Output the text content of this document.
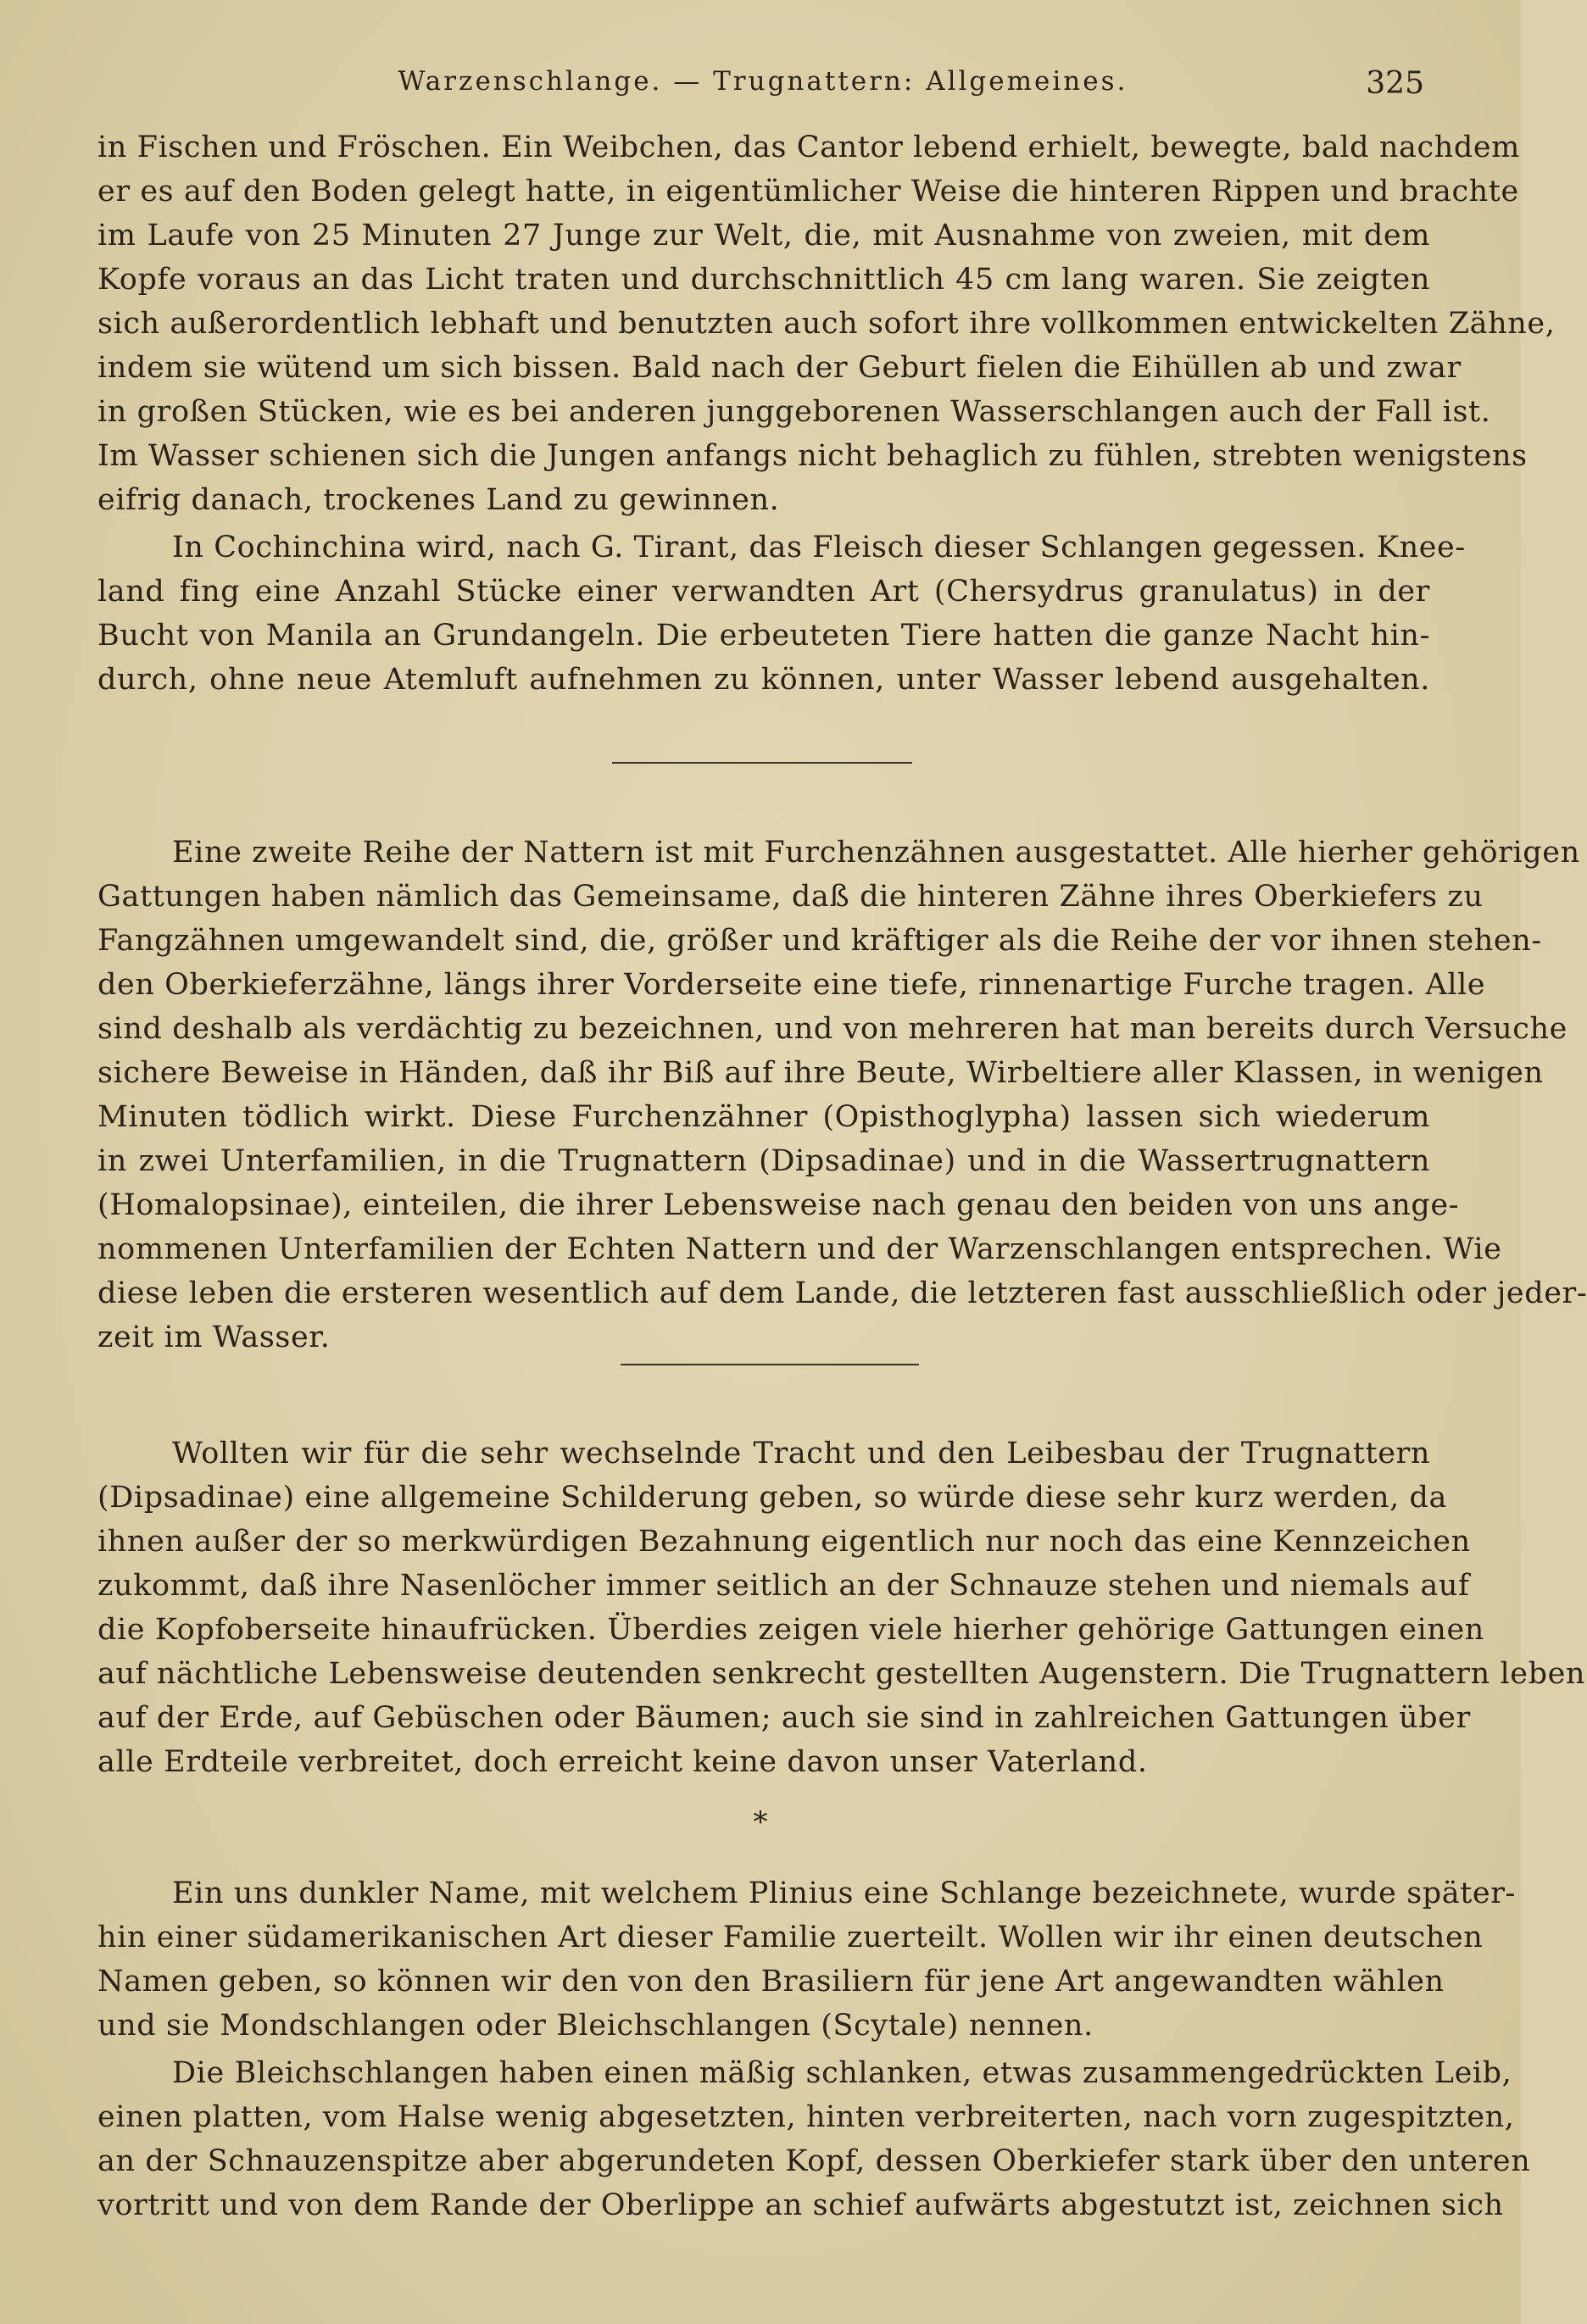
Warzenschlange. — Trugnattern: Allgemeines.	325

in Fischen und Fröschen. Ein Weibchen, das Cantor lebend erhielt, bewegte, bald nachdem

er es auf den Boden gelegt hatte, in eigentümlicher Weise die hinteren Rippen und brachte

im Laufe von 25 Minuten 27 Junge zur Welt, die, mit Ausnahme von zweien, mit dem

Kopfe voraus an das Licht traten und durchschnittlich 45 cm lang waren. Sie zeigten

sich außerordentlich lebhaft und benutzten auch sofort ihre vollkommen entwickelten Zähne,

indem sie wütend um sich bissen. Bald nach der Geburt fielen die Eihüllen ab und zwar

in großen Stücken, wie es bei anderen junggeborenen Wasserschlangen auch der Fall ist.

Im Wasser schienen sich die Jungen anfangs nicht behaglich zu fühlen, strebten wenigstens

eifrig danach, trockenes Land zu gewinnen.

In Cochinchina wird, nach G. Tirant, das Fleisch dieser Schlangen gegessen. Knee-

land fing eine Anzahl Stücke einer verwandten Art (Chersydrus granulatus) in der

Bucht von Manila an Grundangeln. Die erbeuteten Tiere hatten die ganze Nacht hin-

durch, ohne neue Atemluft aufnehmen zu können, unter Wasser lebend ausgehalten.

Eine zweite Reihe der Nattern ist mit Furchenzähnen ausgestattet. Alle hierher gehörigen

Gattungen haben nämlich das Gemeinsame, daß die hinteren Zähne ihres Oberkiefers zu

Fangzähnen umgewandelt sind, die, größer und kräftiger als die Reihe der vor ihnen stehen-

den Oberkieferzähne, längs ihrer Vorderseite eine tiefe, rinnenartige Furche tragen. Alle

sind deshalb als verdächtig zu bezeichnen, und von mehreren hat man bereits durch Versuche

sichere Beweise in Händen, daß ihr Biß auf ihre Beute, Wirbeltiere aller Klassen, in wenigen

Minuten tödlich wirkt. Diese Furchenzähner (Opisthoglypha) lassen sich wiederum

in zwei Unterfamilien, in die Trugnattern (Dipsadinae) und in die Wassertrugnattern

(Homalopsinae), einteilen, die ihrer Lebensweise nach genau den beiden von uns ange-

nommenen Unterfamilien der Echten Nattern und der Warzenschlangen entsprechen. Wie

diese leben die ersteren wesentlich auf dem Lande, die letzteren fast ausschließlich oder jeder-

zeit im Wasser.

Wollten wir für die sehr wechselnde Tracht und den Leibesbau der Trugnattern

(Dipsadinae) eine allgemeine Schilderung geben, so würde diese sehr kurz werden, da

ihnen außer der so merkwürdigen Bezahnung eigentlich nur noch das eine Kennzeichen

zukommt, daß ihre Nasenlöcher immer seitlich an der Schnauze stehen und niemals auf

die Kopfoberseite hinaufrücken. Überdies zeigen viele hierher gehörige Gattungen einen

auf nächtliche Lebensweise deutenden senkrecht gestellten Augenstern. Die Trugnattern leben

auf der Erde, auf Gebüschen oder Bäumen; auch sie sind in zahlreichen Gattungen über

alle Erdteile verbreitet, doch erreicht keine davon unser Vaterland.

*

Ein uns dunkler Name, mit welchem Plinius eine Schlange bezeichnete, wurde später-

hin einer südamerikanischen Art dieser Familie zuerteilt. Wollen wir ihr einen deutschen

Namen geben, so können wir den von den Brasiliern für jene Art angewandten wählen

und sie Mondschlangen oder Bleichschlangen (Scytale) nennen.

Die Bleichschlangen haben einen mäßig schlanken, etwas zusammengedrückten Leib,

einen platten, vom Halse wenig abgesetzten, hinten verbreiterten, nach vorn zugespitzten,

an der Schnauzenspitze aber abgerundeten Kopf, dessen Oberkiefer stark über den unteren

vortritt und von dem Rande der Oberlippe an schief aufwärts abgestutzt ist, zeichnen sich
